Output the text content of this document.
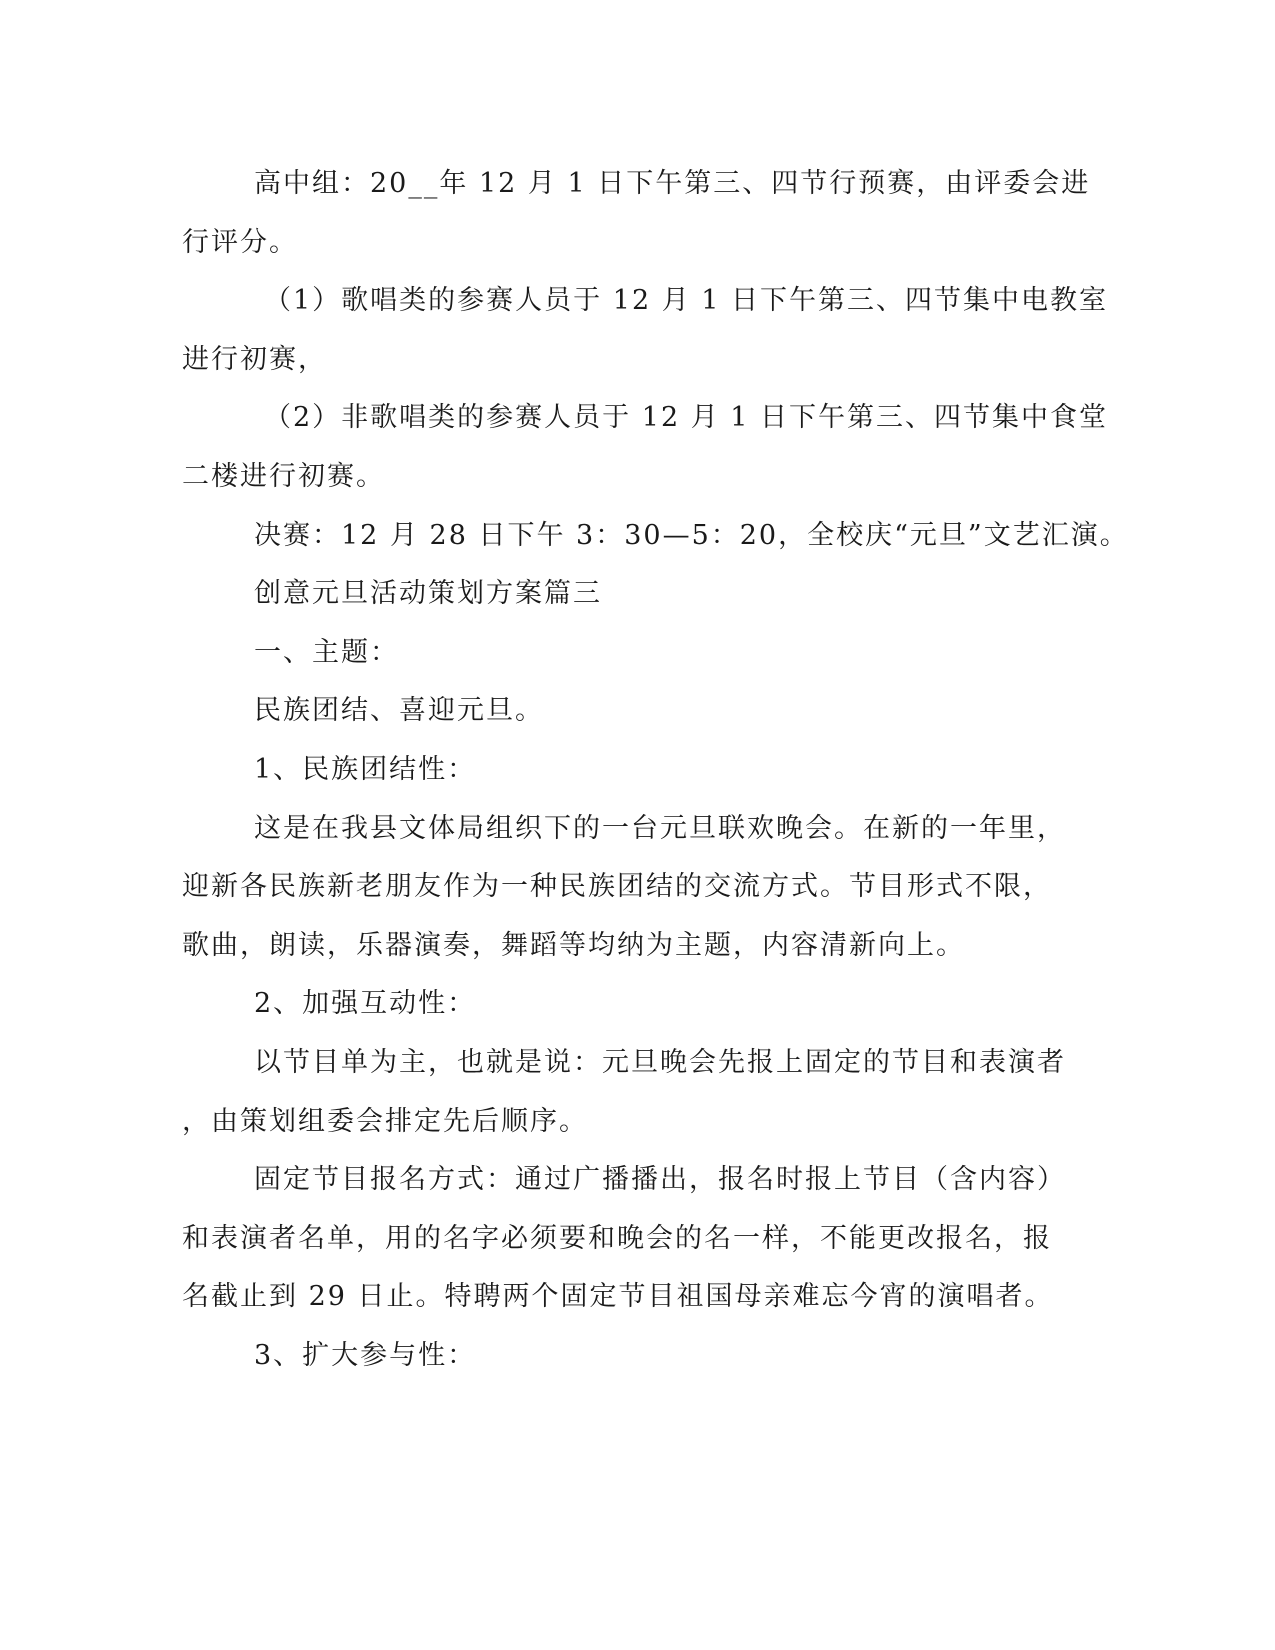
高中组：20__年 12 月 1 日下午第三、四节行预赛，由评委会进
行评分。
（1）歌唱类的参赛人员于 12 月 1 日下午第三、四节集中电教室
进行初赛，
（2）非歌唱类的参赛人员于 12 月 1 日下午第三、四节集中食堂
二楼进行初赛。
决赛：12 月 28 日下午 3：30—5：20，全校庆“元旦”文艺汇演。
创意元旦活动策划方案篇三
一、主题：
民族团结、喜迎元旦。
1、民族团结性：
这是在我县文体局组织下的一台元旦联欢晚会。在新的一年里，
迎新各民族新老朋友作为一种民族团结的交流方式。节目形式不限，
歌曲，朗读，乐器演奏，舞蹈等均纳为主题，内容清新向上。
2、加强互动性：
以节目单为主，也就是说：元旦晚会先报上固定的节目和表演者
，由策划组委会排定先后顺序。
固定节目报名方式：通过广播播出，报名时报上节目（含内容）
和表演者名单，用的名字必须要和晚会的名一样，不能更改报名，报
名截止到 29 日止。特聘两个固定节目祖国母亲难忘今宵的演唱者。
3、扩大参与性：
